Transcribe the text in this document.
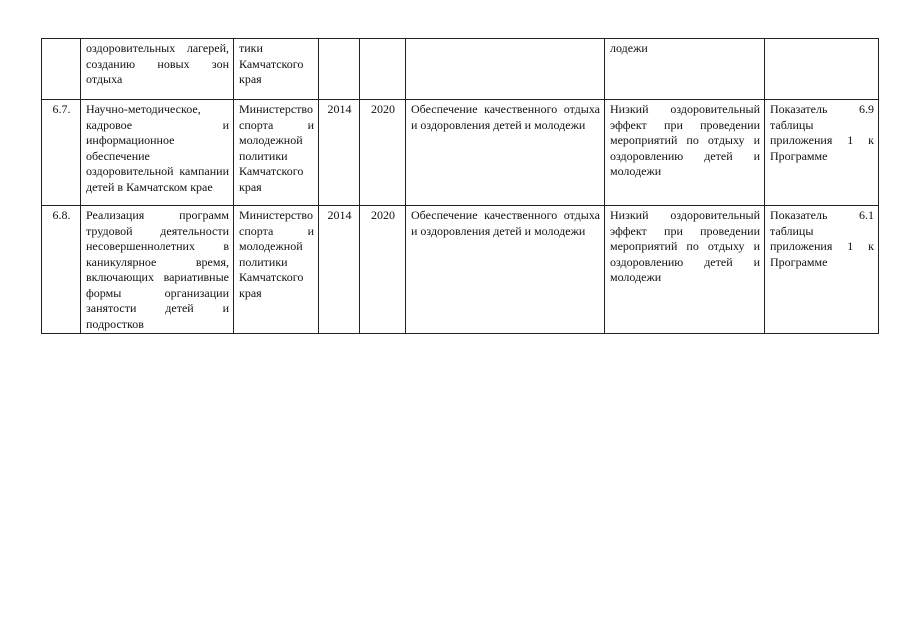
	оздоровительных лагерей, созданию новых зон отдыха	тики Камчатского края				лодежи	
6.7.	Научно-методическое, кадровое и информационное обеспечение оздоровительной кампании детей в Камчатском крае	Министерство спорта и молодежной политики Камчатского края	2014	2020	Обеспечение качественного отдыха и оздоровления детей и молодежи	Низкий оздоровительный эффект при проведении мероприятий по отдыху и оздоровлению детей и молодежи	Показатель 6.9 таблицы приложения 1 к Программе
6.8.	Реализация программ трудовой деятельности несовершеннолетних в каникулярное время, включающих вариативные формы организации занятости детей и подростков	Министерство спорта и молодежной политики Камчатского края	2014	2020	Обеспечение качественного отдыха и оздоровления детей и молодежи	Низкий оздоровительный эффект при проведении мероприятий по отдыху и оздоровлению детей и молодежи	Показатель 6.1 таблицы приложения 1 к Программе
